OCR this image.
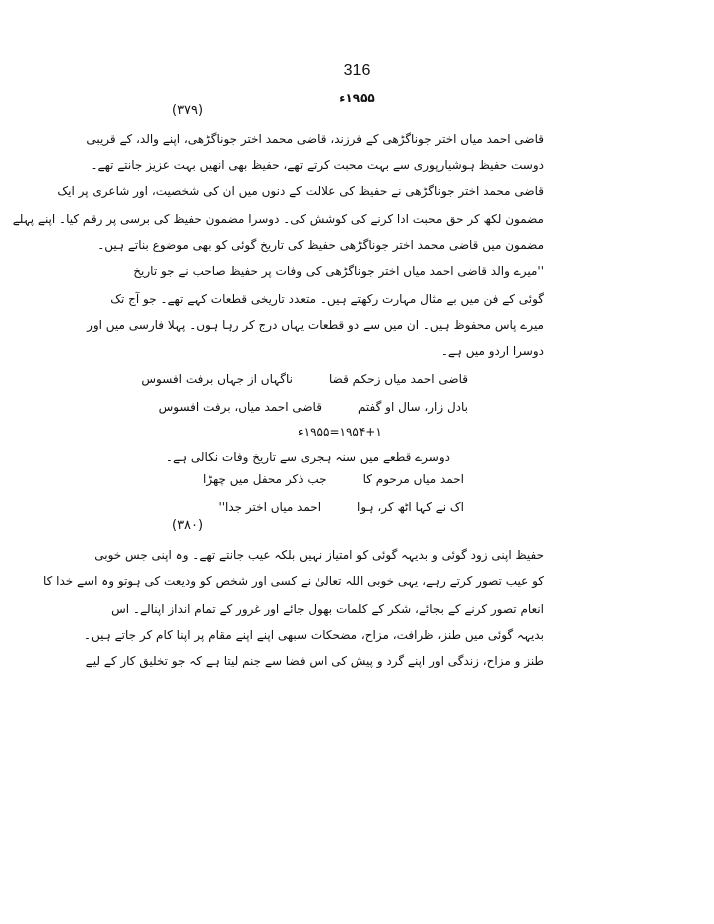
316
۱۹۵۵ء
(۳۷۹)
قاضی احمد میاں اختر جوناگڑھی کے فرزند، قاضی محمد اختر جوناگڑھی، اپنے والد، کے قریبی
دوست حفیظ ہوشیارپوری سے بہت محبت کرتے تھے، حفیظ بھی انھیں بہت عزیز جانتے تھے۔
قاضی محمد اختر جوناگڑھی نے حفیظ کی علالت کے دنوں میں ان کی شخصیت، اور شاعری پر ایک
مضمون لکھ کر حق محبت ادا کرنے کی کوشش کی۔ دوسرا مضمون حفیظ کی برسی پر رقم کیا۔ اپنے پہلے
مضمون میں قاضی محمد اختر جوناگڑھی حفیظ کی تاریخ گوئی کو بھی موضوع بناتے ہیں۔
''میرے والد قاضی احمد میاں اختر جوناگڑھی کی وفات پر حفیظ صاحب نے جو تاریخ
گوئی کے فن میں بے مثال مہارت رکھتے ہیں۔ متعدد تاریخی قطعات کہے تھے۔ جو آج تک
میرے پاس محفوظ ہیں۔ ان میں سے دو قطعات یہاں درج کر رہا ہوں۔ پہلا فارسی میں اور
دوسرا اردو میں ہے۔
قاضی احمد میاں زحکم قضاناگہاں از جہاں برفت افسوس
بادل زار، سال او گفتمقاضی احمد میاں، برفت افسوس
۱۹۵۴+۱=۱۹۵۵ء
دوسرے قطعے میں سنہ ہجری سے تاریخ وفات نکالی ہے۔
احمد میاں مرحوم کاجب ذکر محفل میں چھڑا
اک نے کہا اٹھ کر، ہوااحمد میاں اختر جدا''
(۳۸۰)
حفیظ اپنی زود گوئی و بدیہہ گوئی کو امتیاز نہیں بلکہ عیب جانتے تھے۔ وہ اپنی جس خوبی
کو عیب تصور کرتے رہے، یہی خوبی اللہ تعالیٰ نے کسی اور شخص کو ودیعت کی ہوتو وہ اسے خدا کا
انعام تصور کرنے کے بجائے، شکر کے کلمات بھول جائے اور غرور کے تمام انداز اپنالے۔ اس
بدیہہ گوئی میں طنز، ظرافت، مزاح، مضحکات سبھی اپنے اپنے مقام پر اپنا کام کر جاتے ہیں۔
طنز و مزاح، زندگی اور اپنے گرد و پیش کی اس فضا سے جنم لیتا ہے کہ جو تخلیق کار کے لیے
